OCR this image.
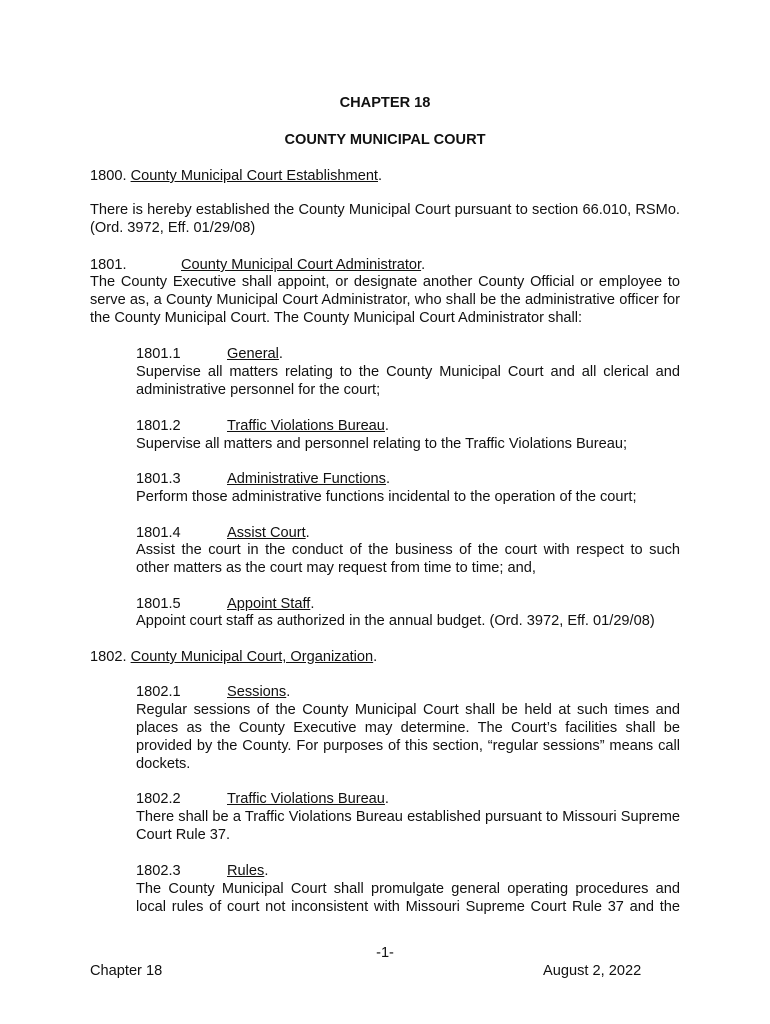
CHAPTER 18
COUNTY MUNICIPAL COURT
1800. County Municipal Court Establishment.
There is hereby established the County Municipal Court pursuant to section 66.010, RSMo.(Ord. 3972, Eff. 01/29/08)
1801.	County Municipal Court Administrator.
The County Executive shall appoint, or designate another County Official or employee to serve as, a County Municipal Court Administrator, who shall be the administrative officer for the County Municipal Court. The County Municipal Court Administrator shall:
1801.1	General.
Supervise all matters relating to the County Municipal Court and all clerical and administrative personnel for the court;
1801.2	Traffic Violations Bureau.
Supervise all matters and personnel relating to the Traffic Violations Bureau;
1801.3	Administrative Functions.
Perform those administrative functions incidental to the operation of the court;
1801.4	Assist Court.
Assist the court in the conduct of the business of the court with respect to such other matters as the court may request from time to time; and,
1801.5	Appoint Staff.
Appoint court staff as authorized in the annual budget. (Ord. 3972, Eff. 01/29/08)
1802. County Municipal Court, Organization.
1802.1	Sessions.
Regular sessions of the County Municipal Court shall be held at such times and places as the County Executive may determine. The Court’s facilities shall be provided by the County. For purposes of this section, “regular sessions” means call dockets.
1802.2	Traffic Violations Bureau.
There shall be a Traffic Violations Bureau established pursuant to Missouri Supreme Court Rule 37.
1802.3	Rules.
The County Municipal Court shall promulgate general operating procedures and local rules of court not inconsistent with Missouri Supreme Court Rule 37 and the
-1-
Chapter 18	August 2, 2022
